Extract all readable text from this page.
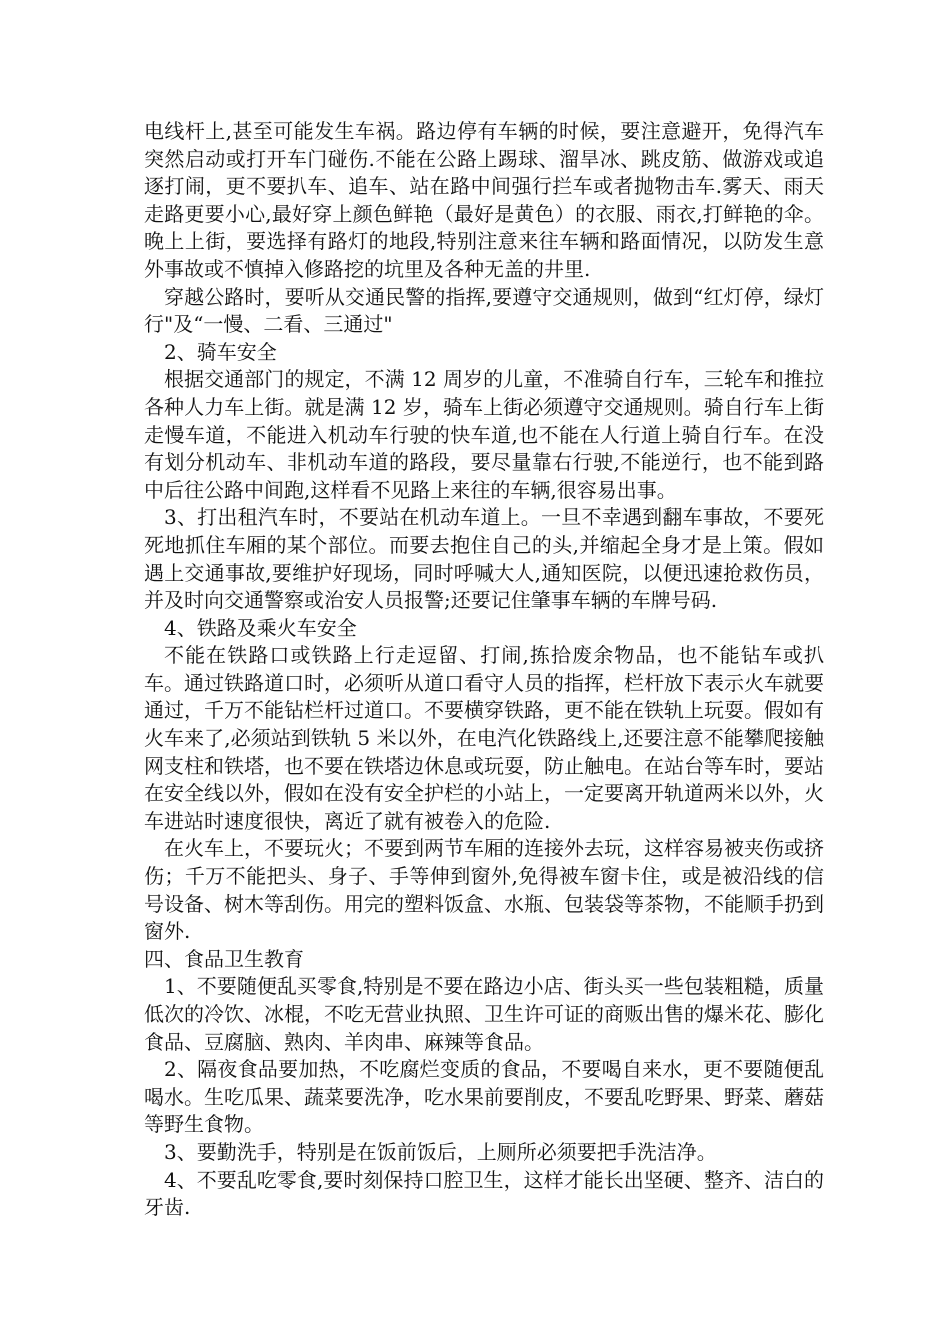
电线杆上,甚至可能发生车祸。路边停有车辆的时候，要注意避开，免得汽车突然启动或打开车门碰伤.不能在公路上踢球、溜旱冰、跳皮筋、做游戏或追逐打闹，更不要扒车、追车、站在路中间强行拦车或者抛物击车.雾天、雨天走路更要小心,最好穿上颜色鲜艳（最好是黄色）的衣服、雨衣,打鲜艳的伞。晚上上街，要选择有路灯的地段,特别注意来往车辆和路面情况，以防发生意外事故或不慎掉入修路挖的坑里及各种无盖的井里.

穿越公路时，要听从交通民警的指挥,要遵守交通规则，做到“红灯停，绿灯行"及“一慢、二看、三通过"

2、骑车安全

根据交通部门的规定，不满 12 周岁的儿童，不准骑自行车，三轮车和推拉各种人力车上街。就是满 12 岁，骑车上街必须遵守交通规则。骑自行车上街走慢车道，不能进入机动车行驶的快车道,也不能在人行道上骑自行车。在没有划分机动车、非机动车道的路段，要尽量靠右行驶,不能逆行，也不能到路中后往公路中间跑,这样看不见路上来往的车辆,很容易出事。

3、打出租汽车时，不要站在机动车道上。一旦不幸遇到翻车事故，不要死死地抓住车厢的某个部位。而要去抱住自己的头,并缩起全身才是上策。假如遇上交通事故,要维护好现场，同时呼喊大人,通知医院，以便迅速抢救伤员，并及时向交通警察或治安人员报警;还要记住肇事车辆的车牌号码.

4、铁路及乘火车安全

不能在铁路口或铁路上行走逗留、打闹,拣拾废余物品，也不能钻车或扒车。通过铁路道口时，必须听从道口看守人员的指挥，栏杆放下表示火车就要通过，千万不能钻栏杆过道口。不要横穿铁路，更不能在铁轨上玩耍。假如有火车来了,必须站到铁轨 5 米以外，在电汽化铁路线上,还要注意不能攀爬接触网支柱和铁塔，也不要在铁塔边休息或玩耍，防止触电。在站台等车时，要站在安全线以外，假如在没有安全护栏的小站上，一定要离开轨道两米以外，火车进站时速度很快，离近了就有被卷入的危险.

在火车上，不要玩火；不要到两节车厢的连接外去玩，这样容易被夹伤或挤伤；千万不能把头、身子、手等伸到窗外,免得被车窗卡住，或是被沿线的信号设备、树木等刮伤。用完的塑料饭盒、水瓶、包装袋等茶物，不能顺手扔到窗外.

四、食品卫生教育

1、不要随便乱买零食,特别是不要在路边小店、街头买一些包装粗糙，质量低次的冷饮、冰棍，不吃无营业执照、卫生许可证的商贩出售的爆米花、膨化食品、豆腐脑、熟肉、羊肉串、麻辣等食品。

2、隔夜食品要加热，不吃腐烂变质的食品，不要喝自来水，更不要随便乱喝水。生吃瓜果、蔬菜要洗净，吃水果前要削皮，不要乱吃野果、野菜、蘑菇等野生食物。

3、要勤洗手，特别是在饭前饭后，上厕所必须要把手洗洁净。

4、不要乱吃零食,要时刻保持口腔卫生，这样才能长出坚硬、整齐、洁白的牙齿.
